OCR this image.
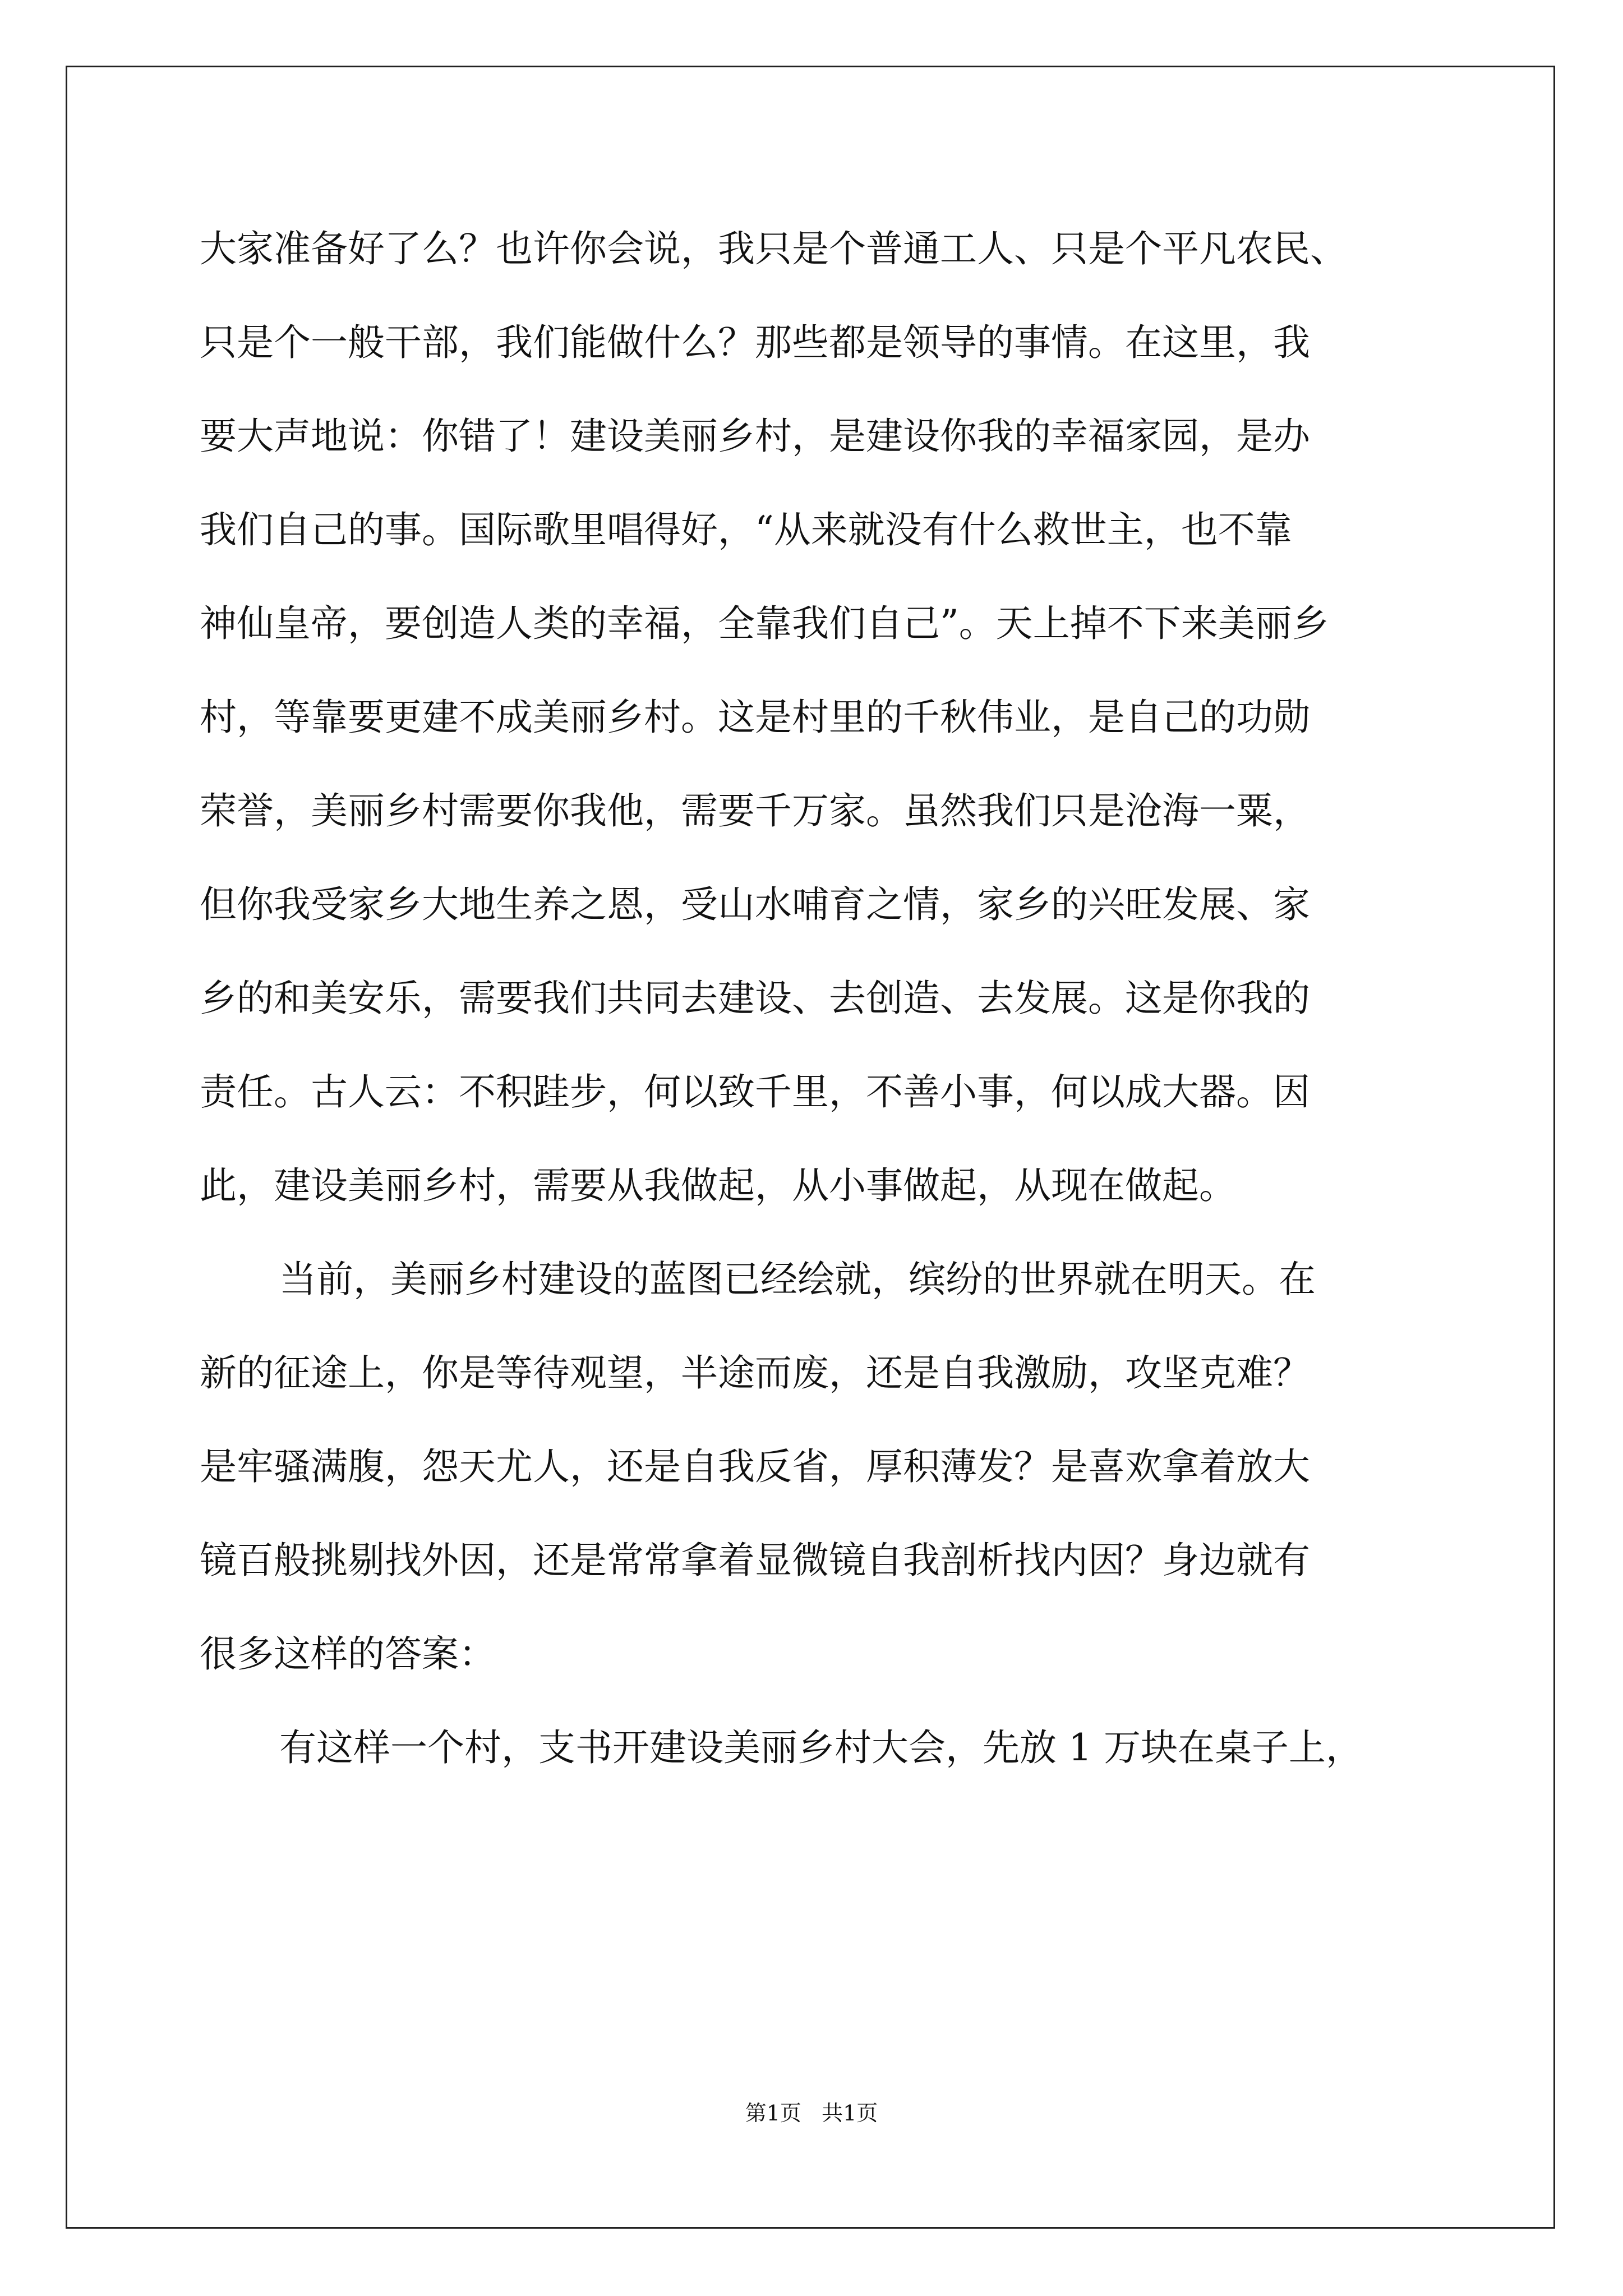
大家准备好了么？也许你会说，我只是个普通工人、只是个平凡农民、
只是个一般干部，我们能做什么？那些都是领导的事情。在这里，我
要大声地说：你错了！建设美丽乡村，是建设你我的幸福家园，是办
我们自己的事。国际歌里唱得好，“从来就没有什么救世主，也不靠
神仙皇帝，要创造人类的幸福，全靠我们自己”。天上掉不下来美丽乡
村，等靠要更建不成美丽乡村。这是村里的千秋伟业，是自己的功勋
荣誉，美丽乡村需要你我他，需要千万家。虽然我们只是沧海一粟，
但你我受家乡大地生养之恩，受山水哺育之情，家乡的兴旺发展、家
乡的和美安乐，需要我们共同去建设、去创造、去发展。这是你我的
责任。古人云：不积跬步，何以致千里，不善小事，何以成大器。因
此，建设美丽乡村，需要从我做起，从小事做起，从现在做起。
当前，美丽乡村建设的蓝图已经绘就，缤纷的世界就在明天。在
新的征途上，你是等待观望，半途而废，还是自我激励，攻坚克难？
是牢骚满腹，怨天尤人，还是自我反省，厚积薄发？是喜欢拿着放大
镜百般挑剔找外因，还是常常拿着显微镜自我剖析找内因？身边就有
很多这样的答案：
有这样一个村，支书开建设美丽乡村大会，先放 1 万块在桌子上，
第1页   共1页
